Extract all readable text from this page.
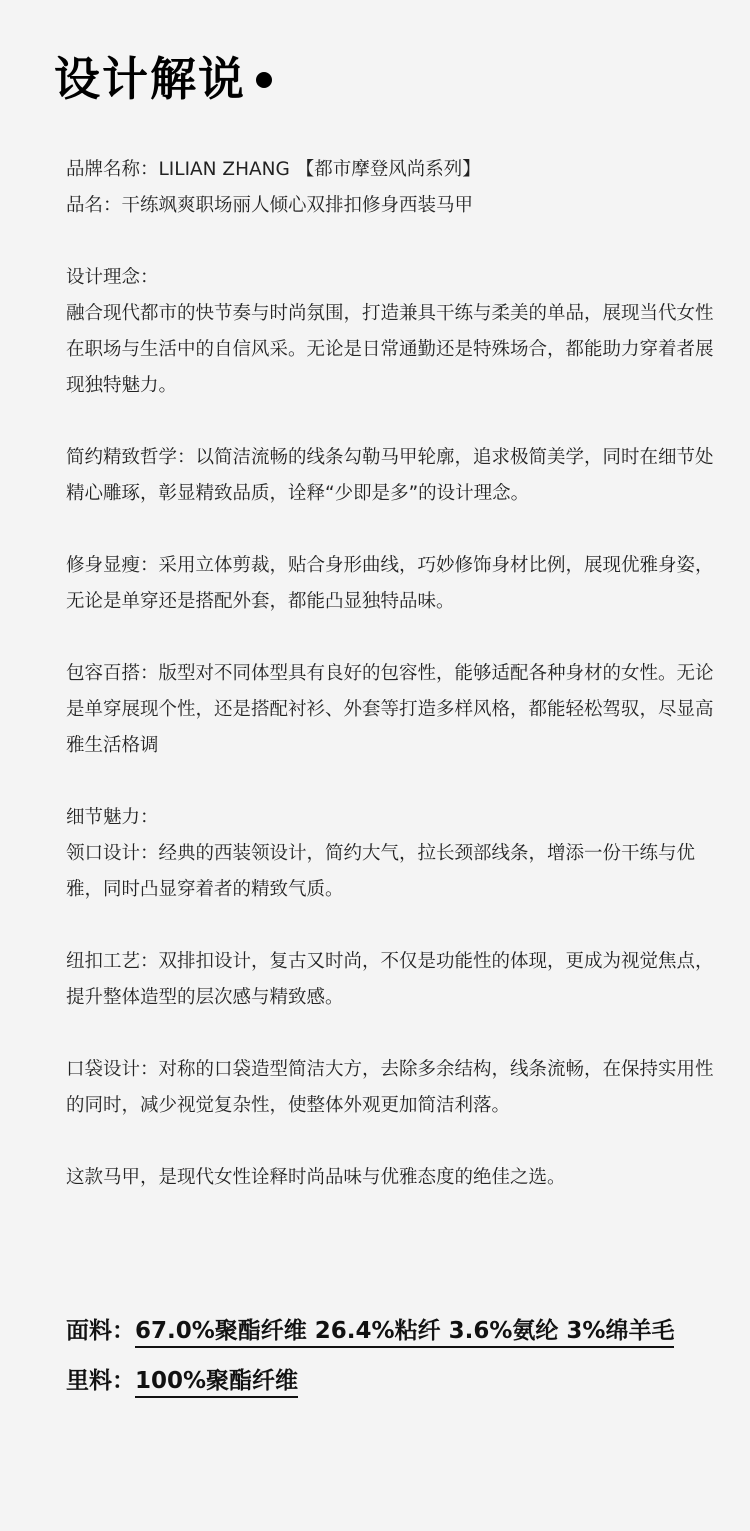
设计解说

品牌名称：LILIAN ZHANG 【都市摩登风尚系列】
品名：干练飒爽职场丽人倾心双排扣修身西装马甲

设计理念：
融合现代都市的快节奏与时尚氛围，打造兼具干练与柔美的单品，展现当代女性在职场与生活中的自信风采。无论是日常通勤还是特殊场合，都能助力穿着者展现独特魅力。

简约精致哲学：以简洁流畅的线条勾勒马甲轮廓，追求极简美学，同时在细节处精心雕琢，彰显精致品质，诠释“少即是多”的设计理念。

修身显瘦：采用立体剪裁，贴合身形曲线，巧妙修饰身材比例，展现优雅身姿，无论是单穿还是搭配外套，都能凸显独特品味。

包容百搭：版型对不同体型具有良好的包容性，能够适配各种身材的女性。无论是单穿展现个性，还是搭配衬衫、外套等打造多样风格，都能轻松驾驭，尽显高雅生活格调

细节魅力：
领口设计：经典的西装领设计，简约大气，拉长颈部线条，增添一份干练与优雅，同时凸显穿着者的精致气质。

纽扣工艺：双排扣设计，复古又时尚，不仅是功能性的体现，更成为视觉焦点，提升整体造型的层次感与精致感。

口袋设计：对称的口袋造型简洁大方，去除多余结构，线条流畅，在保持实用性的同时，减少视觉复杂性，使整体外观更加简洁利落。

这款马甲，是现代女性诠释时尚品味与优雅态度的绝佳之选。

面料：67.0%聚酯纤维 26.4%粘纤 3.6%氨纶 3%绵羊毛
里料：100%聚酯纤维
